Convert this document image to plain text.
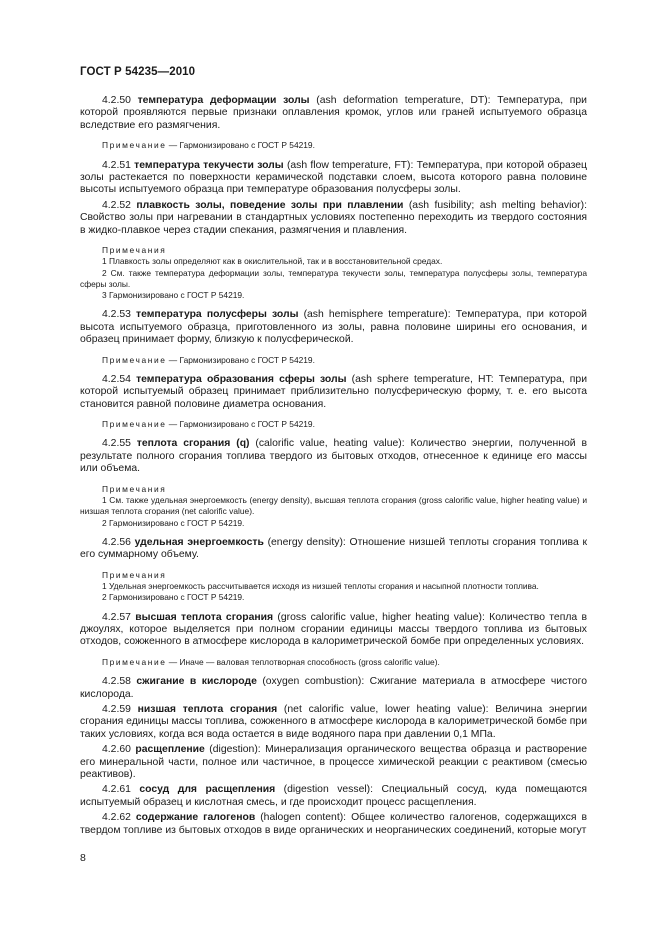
ГОСТ Р 54235—2010

4.2.50 температура деформации золы (ash deformation temperature, DT): Температура, при которой проявляются первые признаки оплавления кромок, углов или граней испытуемого образца вследствие его размягчения.

Примечание — Гармонизировано с ГОСТ Р 54219.

4.2.51 температура текучести золы (ash flow temperature, FT): Температура, при которой образец золы растекается по поверхности керамической подставки слоем, высота которого равна половине высоты испытуемого образца при температуре образования полусферы золы.

4.2.52 плавкость золы, поведение золы при плавлении (ash fusibility; ash melting behavior): Свойство золы при нагревании в стандартных условиях постепенно переходить из твердого состояния в жидко-плавкое через стадии спекания, размягчения и плавления.

Примечания

1 Плавкость золы определяют как в окислительной, так и в восстановительной средах.

2 См. также температура деформации золы, температура текучести золы, температура полусферы золы, температура сферы золы.

3 Гармонизировано с ГОСТ Р 54219.

4.2.53 температура полусферы золы (ash hemisphere temperature): Температура, при которой высота испытуемого образца, приготовленного из золы, равна половине ширины его основания, и образец принимает форму, близкую к полусферической.

Примечание — Гармонизировано с ГОСТ Р 54219.

4.2.54 температура образования сферы золы (ash sphere temperature, HT: Температура, при которой испытуемый образец принимает приблизительно полусферическую форму, т. е. его высота становится равной половине диаметра основания.

Примечание — Гармонизировано с ГОСТ Р 54219.

4.2.55 теплота сгорания (q) (calorific value, heating value): Количество энергии, полученной в результате полного сгорания топлива твердого из бытовых отходов, отнесенное к единице его массы или объема.

Примечания

1 См. также удельная энергоемкость (energy density), высшая теплота сгорания (gross calorific value, higher heating value) и низшая теплота сгорания (net calorific value).

2 Гармонизировано с ГОСТ Р 54219.

4.2.56 удельная энергоемкость (energy density): Отношение низшей теплоты сгорания топлива к его суммарному объему.

Примечания

1 Удельная энергоемкость рассчитывается исходя из низшей теплоты сгорания и насыпной плотности топлива.

2 Гармонизировано с ГОСТ Р 54219.

4.2.57 высшая теплота сгорания (gross calorific value, higher heating value): Количество тепла в джоулях, которое выделяется при полном сгорании единицы массы твердого топлива из бытовых отходов, сожженного в атмосфере кислорода в калориметрической бомбе при определенных условиях.

Примечание — Иначе — валовая теплотворная способность (gross calorific value).

4.2.58 сжигание в кислороде (oxygen combustion): Сжигание материала в атмосфере чистого кислорода.

4.2.59 низшая теплота сгорания (net calorific value, lower heating value): Величина энергии сгорания единицы массы топлива, сожженного в атмосфере кислорода в калориметрической бомбе при таких условиях, когда вся вода остается в виде водяного пара при давлении 0,1 МПа.

4.2.60 расщепление (digestion): Минерализация органического вещества образца и растворение его минеральной части, полное или частичное, в процессе химической реакции с реактивом (смесью реактивов).

4.2.61 сосуд для расщепления (digestion vessel): Специальный сосуд, куда помещаются испытуемый образец и кислотная смесь, и где происходит процесс расщепления.

4.2.62 содержание галогенов (halogen content): Общее количество галогенов, содержащихся в твердом топливе из бытовых отходов в виде органических и неорганических соединений, которые могут

8
